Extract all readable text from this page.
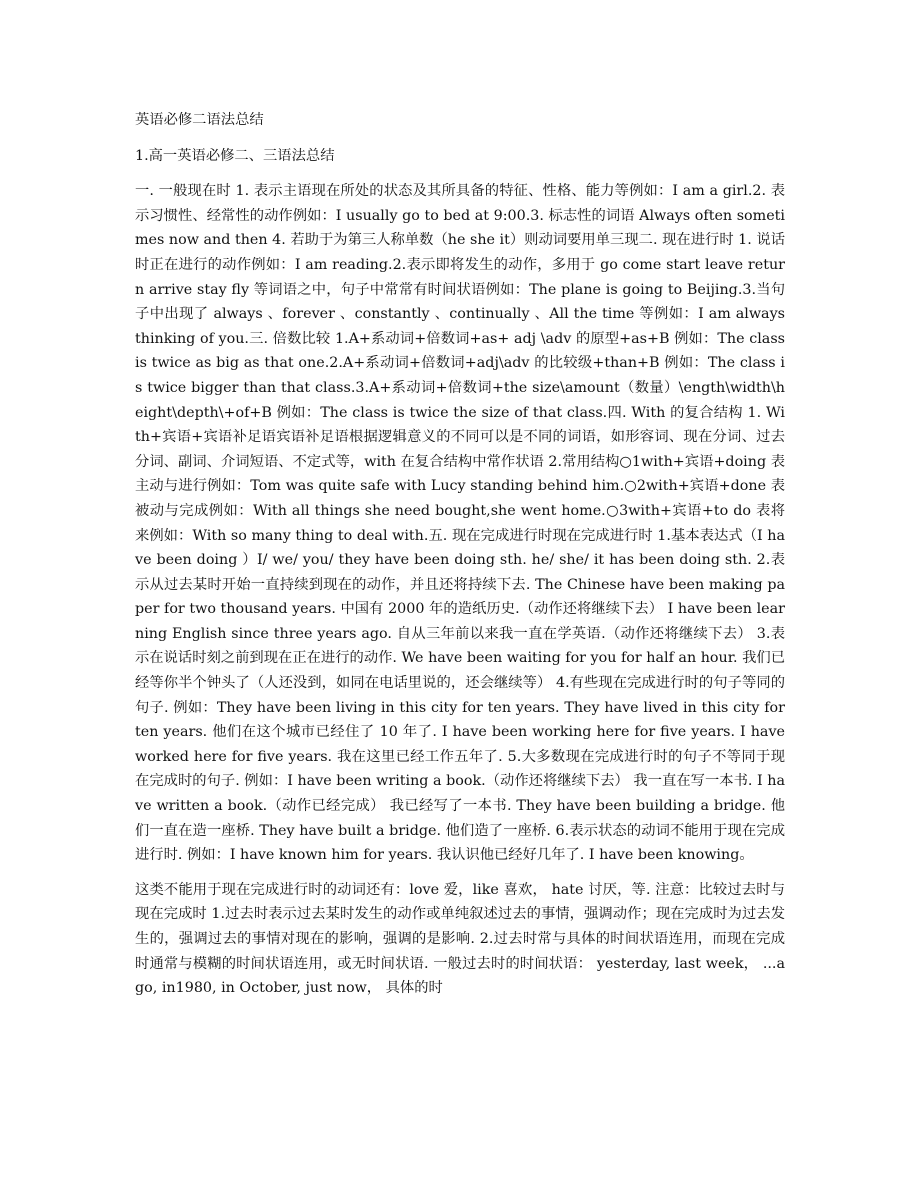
英语必修二语法总结
1.高一英语必修二、三语法总结
一. 一般现在时 1. 表示主语现在所处的状态及其所具备的特征、性格、能力等例如：I am a girl.2. 表示习惯性、经常性的动作例如：I usually go to bed at 9:00.3. 标志性的词语 Always often sometimes now and then 4. 若助于为第三人称单数（he she it）则动词要用单三现二. 现在进行时 1. 说话时正在进行的动作例如：I am reading.2.表示即将发生的动作，多用于 go come start leave return arrive stay fly 等词语之中，句子中常常有时间状语例如：The plane is going to Beijing.3.当句子中出现了 always 、forever 、constantly 、continually 、All the time 等例如：I am always thinking of you.三. 倍数比较 1.A+系动词+倍数词+as+ adj \adv 的原型+as+B 例如：The class is twice as big as that one.2.A+系动词+倍数词+adj\adv 的比较级+than+B 例如：The class is twice bigger than that class.3.A+系动词+倍数词+the size\amount（数量）\ength\width\height\depth\+of+B 例如：The class is twice the size of that class.四. With 的复合结构 1. With+宾语+宾语补足语宾语补足语根据逻辑意义的不同可以是不同的词语，如形容词、现在分词、过去分词、副词、介词短语、不定式等，with 在复合结构中常作状语 2.常用结构○1with+宾语+doing 表主动与进行例如：Tom was quite safe with Lucy standing behind him.○2with+宾语+done 表被动与完成例如：With all things she need bought,she went home.○3with+宾语+to do 表将来例如：With so many thing to deal with.五. 现在完成进行时现在完成进行时 1.基本表达式（I have been doing ）I/ we/ you/ they have been doing sth. he/ she/ it has been doing sth. 2.表示从过去某时开始一直持续到现在的动作，并且还将持续下去. The Chinese have been making paper for two thousand years. 中国有 2000 年的造纸历史.（动作还将继续下去） I have been learning English since three years ago. 自从三年前以来我一直在学英语.（动作还将继续下去） 3.表示在说话时刻之前到现在正在进行的动作. We have been waiting for you for half an hour. 我们已经等你半个钟头了（人还没到，如同在电话里说的，还会继续等） 4.有些现在完成进行时的句子等同的句子. 例如：They have been living in this city for ten years. They have lived in this city for ten years. 他们在这个城市已经住了 10 年了. I have been working here for five years. I have worked here for five years. 我在这里已经工作五年了. 5.大多数现在完成进行时的句子不等同于现在完成时的句子. 例如：I have been writing a book.（动作还将继续下去） 我一直在写一本书. I have written a book.（动作已经完成） 我已经写了一本书. They have been building a bridge. 他们一直在造一座桥. They have built a bridge. 他们造了一座桥. 6.表示状态的动词不能用于现在完成进行时. 例如：I have known him for years. 我认识他已经好几年了. I have been knowing。
这类不能用于现在完成进行时的动词还有：love 爱，like 喜欢， hate 讨厌，等. 注意：比较过去时与现在完成时 1.过去时表示过去某时发生的动作或单纯叙述过去的事情，强调动作；现在完成时为过去发生的，强调过去的事情对现在的影响，强调的是影响. 2.过去时常与具体的时间状语连用，而现在完成时通常与模糊的时间状语连用，或无时间状语. 一般过去时的时间状语： yesterday, last week， ...ago, in1980, in October, just now， 具体的时
